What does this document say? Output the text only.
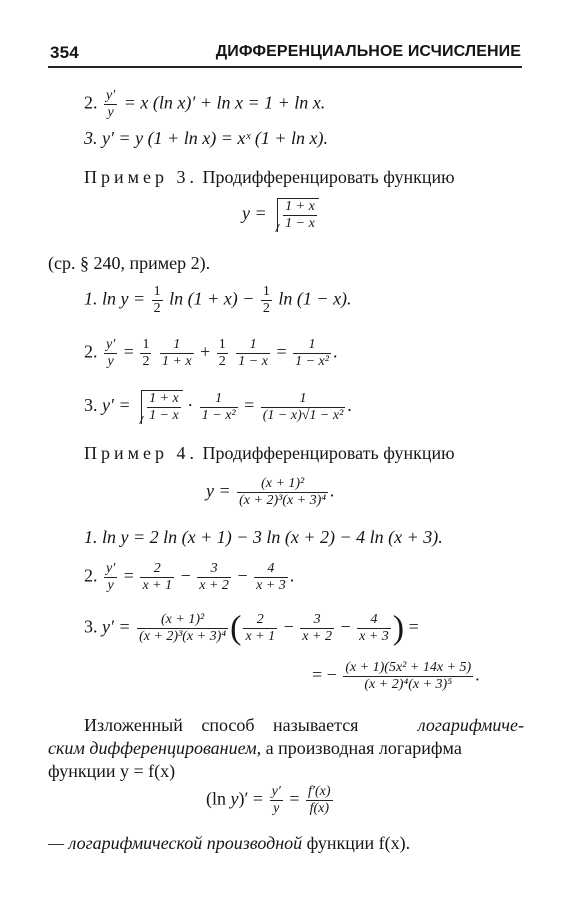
354	ДИФФЕРЕНЦИАЛЬНОЕ ИСЧИСЛЕНИЕ
2. $\frac{y'}{y} = x$ (ln x)′ + ln x = 1 + ln x.
3. y′ = y (1 + ln x) = xˣ (1 + ln x).
Пример 3. Продифференцировать функцию
$y = \frac{1 + x}{1 - x}$
(ср. § 240, пример 2).
1. $\ln y = \frac{1}{2}$ $\ln (1 + x) - \frac{1}{2}$ ln (1 − x).
2. $\frac{y'}{y} = \frac{1}{2}$
$\frac{1}{1 + x} + \frac{1}{2}$
$\frac{1}{1 - x} = \frac{1}{\text{1 − x²}}$ .
3. $y' = \frac{1 + x}{1 - x} \cdot \frac{1}{\text{1 − x²}} = \frac{1}{\text{(1 − x)√1 − x²}}$ .
Пример 4. Продифференцировать функцию
$y = \frac{\text{(x + 1)²}}{\text{(x + 2)³(x + 3)⁴}}$ .
1. ln y = 2 ln (x + 1) − 3 ln (x + 2) − 4 ln (x + 3).
2. $\frac{y'}{y} = \frac{2}{x + 1} - \frac{3}{x + 2} - \frac{4}{x + 3}$ .
3. $y' = \frac{\text{(x + 1)²}}{\text{(x + 2)³(x + 3)⁴}}$ ( $\frac{2}{x + 1} - \frac{3}{x + 2} - \frac{4}{x + 3}$ ) =
= − $\frac{\text{(x + 1)(5x² + 14x + 5)}}{\text{(x + 2)⁴(x + 3)⁵}}$ .
Изложенный способ называется	логарифмиче-
ским дифференцированием, а производная логарифма
функции y = f(x)
(ln $y)' = \frac{y'}{y} = \frac{f'(x)}{f(x)}$
— логарифмической производной функции f(x).
